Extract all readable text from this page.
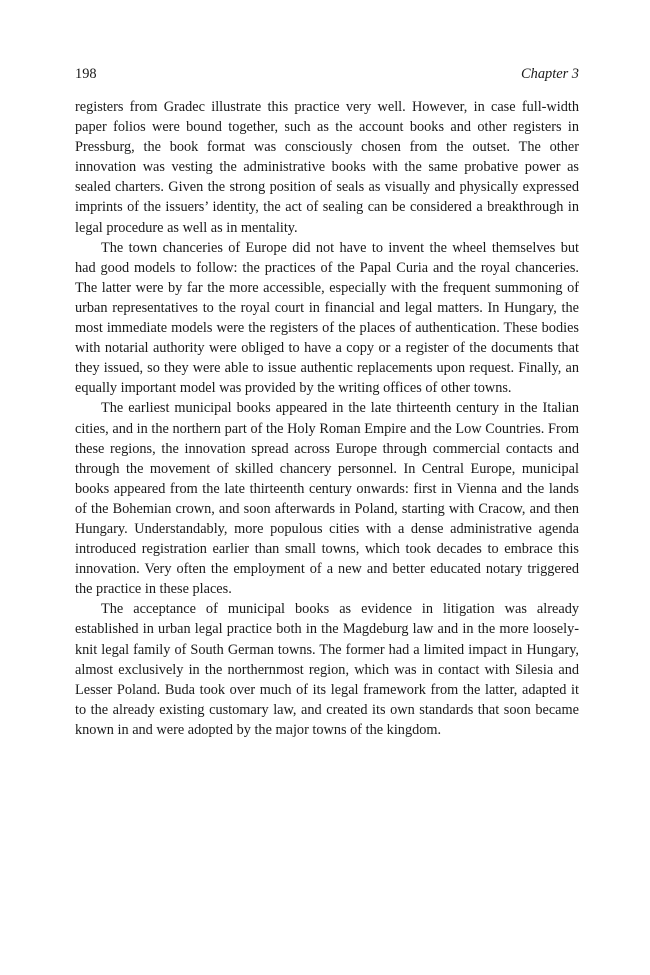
198	Chapter 3

registers from Gradec illustrate this practice very well. However, in case full-width paper folios were bound together, such as the account books and other registers in Pressburg, the book format was consciously chosen from the outset. The other innovation was vesting the administrative books with the same probative power as sealed charters. Given the strong position of seals as visually and physically expressed imprints of the issuers’ identity, the act of sealing can be considered a breakthrough in legal procedure as well as in mentality.

The town chanceries of Europe did not have to invent the wheel themselves but had good models to follow: the practices of the Papal Curia and the royal chanceries. The latter were by far the more accessible, especially with the frequent summoning of urban representatives to the royal court in financial and legal matters. In Hungary, the most immediate models were the registers of the places of authentication. These bodies with notarial authority were obliged to have a copy or a register of the documents that they issued, so they were able to issue authentic replacements upon request. Finally, an equally important model was provided by the writing offices of other towns.

The earliest municipal books appeared in the late thirteenth century in the Italian cities, and in the northern part of the Holy Roman Empire and the Low Countries. From these regions, the innovation spread across Europe through commercial contacts and through the movement of skilled chancery personnel. In Central Europe, municipal books appeared from the late thirteenth century onwards: first in Vienna and the lands of the Bohemian crown, and soon afterwards in Poland, starting with Cracow, and then Hungary. Understandably, more populous cities with a dense administrative agenda introduced registration earlier than small towns, which took decades to embrace this innovation. Very often the employment of a new and better educated notary triggered the practice in these places.

The acceptance of municipal books as evidence in litigation was already established in urban legal practice both in the Magdeburg law and in the more loosely-knit legal family of South German towns. The former had a limited impact in Hungary, almost exclusively in the northernmost region, which was in contact with Silesia and Lesser Poland. Buda took over much of its legal framework from the latter, adapted it to the already existing customary law, and created its own standards that soon became known in and were adopted by the major towns of the kingdom.
